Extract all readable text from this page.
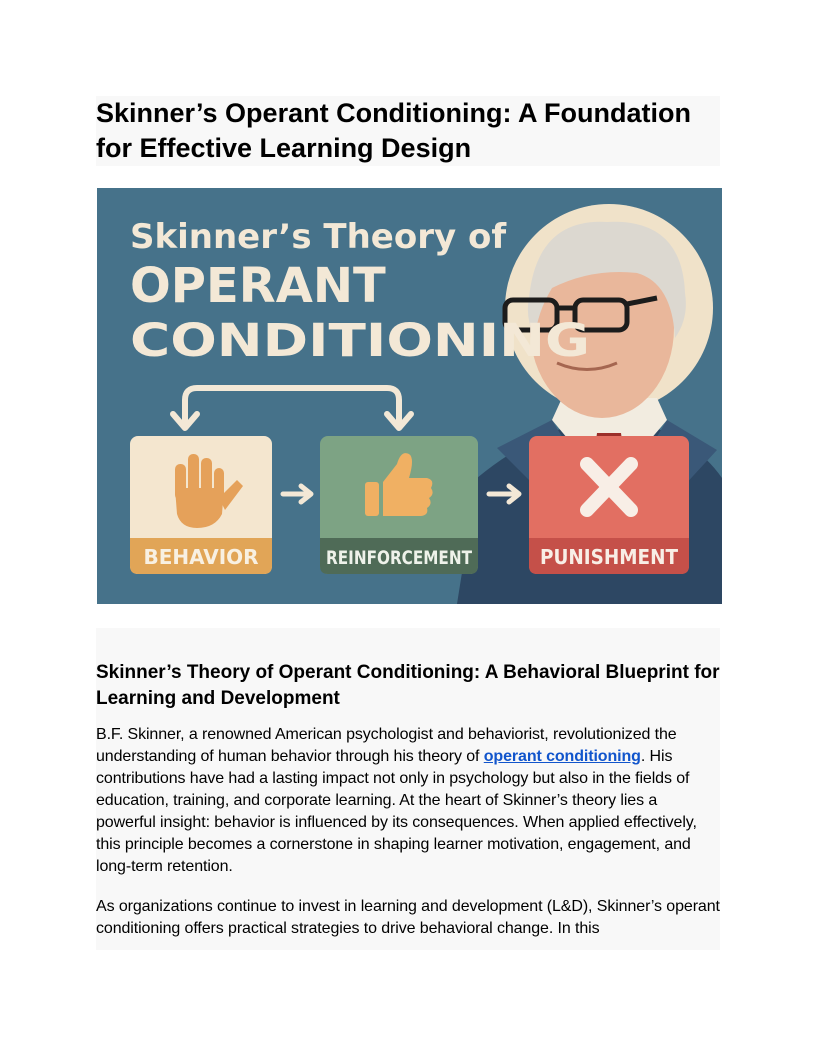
Skinner’s Operant Conditioning: A Foundation for Effective Learning Design
Skinner’s Theory of
OPERANT
CONDITIONING
BEHAVIOR	REINFORCEMENT	PUNISHMENT
Skinner’s Theory of Operant Conditioning: A Behavioral Blueprint for Learning and Development

B.F. Skinner, a renowned American psychologist and behaviorist, revolutionized the understanding of human behavior through his theory of operant conditioning. His contributions have had a lasting impact not only in psychology but also in the fields of education, training, and corporate learning. At the heart of Skinner’s theory lies a powerful insight: behavior is influenced by its consequences. When applied effectively, this principle becomes a cornerstone in shaping learner motivation, engagement, and long-term retention.

As organizations continue to invest in learning and development (L&D), Skinner’s operant conditioning offers practical strategies to drive behavioral change. In this
